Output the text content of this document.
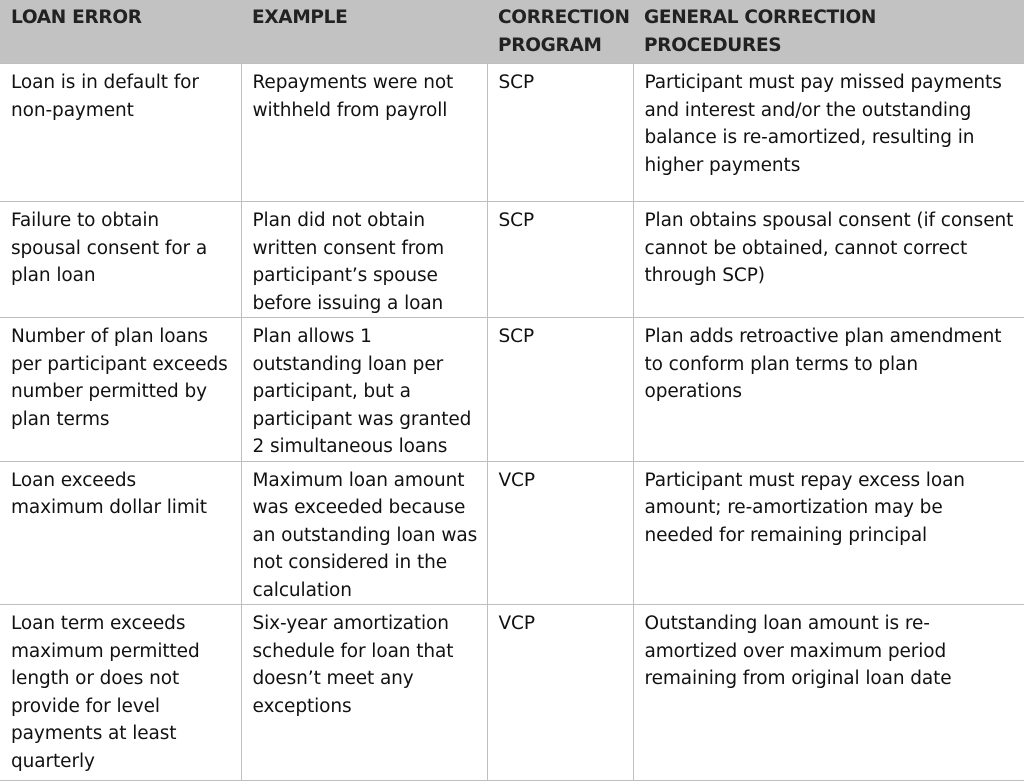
LOAN ERROR	EXAMPLE	CORRECTION PROGRAM	GENERAL CORRECTION PROCEDURES
Loan is in default for non-payment	Repayments were not withheld from payroll	SCP	Participant must pay missed payments and interest and/or the outstanding balance is re-amortized, resulting in higher payments
Failure to obtain spousal consent for a plan loan	Plan did not obtain written consent from participant’s spouse before issuing a loan	SCP	Plan obtains spousal consent (if consent cannot be obtained, cannot correct through SCP)
Number of plan loans per participant exceeds number permitted by plan terms	Plan allows 1 outstanding loan per participant, but a participant was granted 2 simultaneous loans	SCP	Plan adds retroactive plan amendment to conform plan terms to plan operations
Loan exceeds maximum dollar limit	Maximum loan amount was exceeded because an outstanding loan was not considered in the calculation	VCP	Participant must repay excess loan amount; re-amortization may be needed for remaining principal
Loan term exceeds maximum permitted length or does not provide for level payments at least quarterly	Six-year amortization schedule for loan that doesn’t meet any exceptions	VCP	Outstanding loan amount is re-amortized over maximum period remaining from original loan date
